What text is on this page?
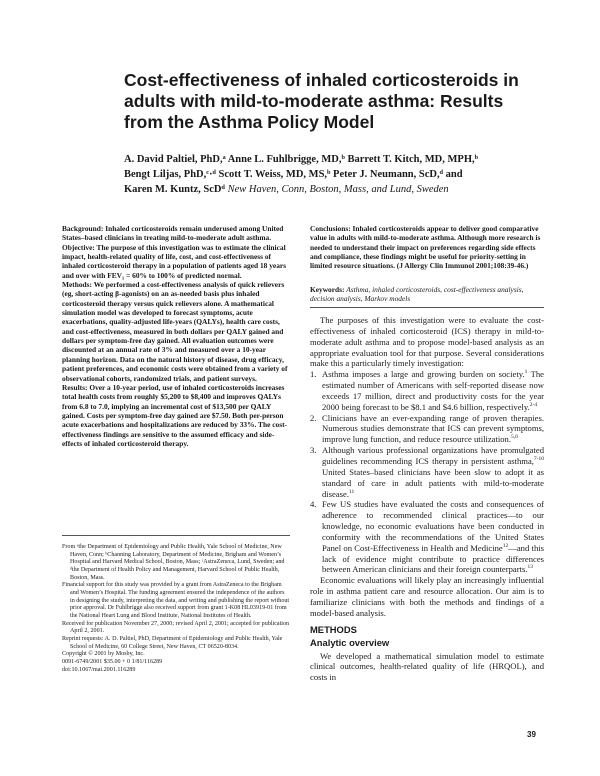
Cost-effectiveness of inhaled corticosteroids in adults with mild-to-moderate asthma: Results from the Asthma Policy Model
A. David Paltiel, PhD,ᵃ Anne L. Fuhlbrigge, MD,ᵇ Barrett T. Kitch, MD, MPH,ᵇ
Bengt Liljas, PhD,ᶜ·ᵈ Scott T. Weiss, MD, MS,ᵇ Peter J. Neumann, ScD,ᵈ and
Karen M. Kuntz, ScDᵈ New Haven, Conn, Boston, Mass, and Lund, Sweden

Background: Inhaled corticosteroids remain underused among United States–based clinicians in treating mild-to-moderate adult asthma.

Objective: The purpose of this investigation was to estimate the clinical impact, health-related quality of life, cost, and cost-effectiveness of inhaled corticosteroid therapy in a population of patients aged 18 years and over with FEV₁ = 60% to 100% of predicted normal.

Methods: We performed a cost-effectiveness analysis of quick relievers (eg, short-acting β-agonists) on an as-needed basis plus inhaled corticosteroid therapy versus quick relievers alone. A mathematical simulation model was developed to forecast symptoms, acute exacerbations, quality-adjusted life-years (QALYs), health care costs, and cost-effectiveness, measured in both dollars per QALY gained and dollars per symptom-free day gained. All evaluation outcomes were discounted at an annual rate of 3% and measured over a 10-year planning horizon. Data on the natural history of disease, drug efficacy, patient preferences, and economic costs were obtained from a variety of observational cohorts, randomized trials, and patient surveys.

Results: Over a 10-year period, use of inhaled corticosteroids increases total health costs from roughly $5,200 to $8,400 and improves QALYs from 6.8 to 7.0, implying an incremental cost of $13,500 per QALY gained. Costs per symptom-free day gained are $7.50. Both per-person acute exacerbations and hospitalizations are reduced by 33%. The cost-effectiveness findings are sensitive to the assumed efficacy and side-effects of inhaled corticosteroid therapy.

From ᵃthe Department of Epidemiology and Public Health, Yale School of Medicine, New Haven, Conn; ᵇChanning Laboratory, Department of Medicine, Brigham and Women’s Hospital and Harvard Medical School, Boston, Mass; ᶜAstraZeneca, Lund, Sweden; and ᵈthe Department of Health Policy and Management, Harvard School of Public Health, Boston, Mass.

Financial support for this study was provided by a grant from AstraZeneca to the Brigham and Women’s Hospital. The funding agreement ensured the independence of the authors in designing the study, interpreting the data, and writing and publishing the report without prior approval. Dr Fuhlbrigge also received support from grant 1-K08 HL03919-01 from the National Heart Lung and Blood Institute, National Institutes of Health.

Received for publication November 27, 2000; revised April 2, 2001; accepted for publication April 2, 2001.

Reprint requests: A. D. Paltiel, PhD, Department of Epidemiology and Public Health, Yale School of Medicine, 60 College Street, New Haven, CT 06520-8034.

Copyright © 2001 by Mosby, Inc.

0091-6749/2001 $35.00 + 0 1/81/116289

doi:10.1067/mai.2001.116289

Conclusions: Inhaled corticosteroids appear to deliver good comparative value in adults with mild-to-moderate asthma. Although more research is needed to understand their impact on preferences regarding side effects and compliance, these findings might be useful for priority-setting in limited resource situations. (J Allergy Clin Immunol 2001;108:39-46.)

Keywords: Asthma, inhaled corticosteroids, cost-effectiveness analysis, decision analysis, Markov models

The purposes of this investigation were to evaluate the cost-effectiveness of inhaled corticosteroid (ICS) therapy in mild-to-moderate adult asthma and to propose model-based analysis as an appropriate evaluation tool for that purpose. Several considerations make this a particularly timely investigation:

1. Asthma imposes a large and growing burden on society.$^1$ The estimated number of Americans with self-reported disease now exceeds 17 million, direct and productivity costs for the year 2000 being forecast to be $8.1 and $4.6 billion, respectively.$^{2-4}$
2. Clinicians have an ever-expanding range of proven therapies. Numerous studies demonstrate that ICS can prevent symptoms, improve lung function, and reduce resource utilization.$^{5,6}$
3. Although various professional organizations have promulgated guidelines recommending ICS therapy in persistent asthma,$^{7-10}$ United States–based clinicians have been slow to adopt it as standard of care in adult patients with mild-to-moderate disease.$^{11}$
4. Few US studies have evaluated the costs and consequences of adherence to recommended clinical practices—to our knowledge, no economic evaluations have been conducted in conformity with the recommendations of the United States Panel on Cost-Effectiveness in Health and Medicine$^{12}$—and this lack of evidence might contribute to practice differences between American clinicians and their foreign counterparts.$^{13}$

Economic evaluations will likely play an increasingly influential role in asthma patient care and resource allocation. Our aim is to familiarize clinicians with both the methods and findings of a model-based analysis.

METHODS
Analytic overview

We developed a mathematical simulation model to estimate clinical outcomes, health-related quality of life (HRQOL), and costs in

39
